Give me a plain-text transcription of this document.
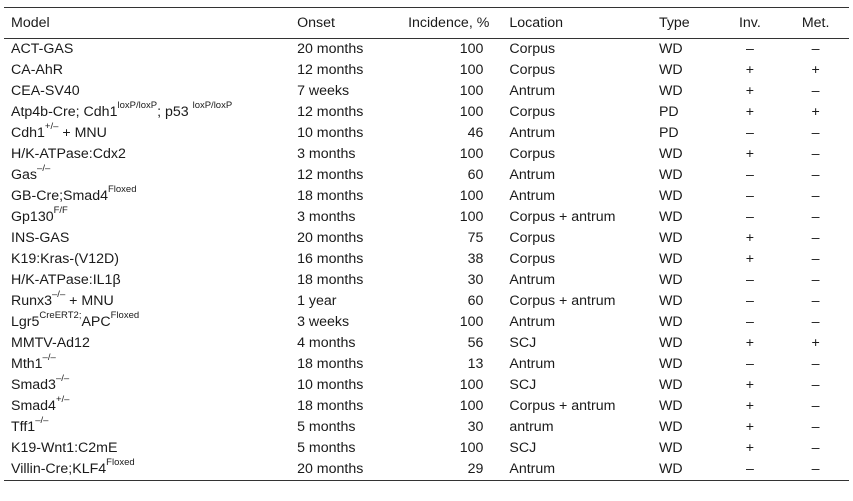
Model	Onset	Incidence, %	Location	Type	Inv.	Met.
ACT-GAS	20 months	100	Corpus	WD	–	–
CA-AhR	12 months	100	Corpus	WD	+	+
CEA-SV40	7 weeks	100	Antrum	WD	+	–
Atp4b-Cre; $Cdh1^{loxP/loxP}$; p53 $^{loxP/loxP}$	12 months	100	Corpus	PD	+	+
Cdh1+/– + MNU	10 months	46	Antrum	PD	–	–
H/K-ATPase:Cdx2	3 months	100	Corpus	WD	+	–
Gas–/–	12 months	60	Antrum	WD	–	–
$GB-Cre;Smad4^{Floxed}$	18 months	100	Antrum	WD	–	–
$Gp130^{F/F}$	3 months	100	Corpus + antrum	WD	–	–
INS-GAS	20 months	75	Corpus	WD	+	–
K19:Kras-(V12D)	16 months	38	Corpus	WD	+	–
H/K-ATPase:IL1β	18 months	30	Antrum	WD	–	–
Runx3–/– + MNU	1 year	60	Corpus + antrum	WD	–	–
$Lgr5^{CreERT2;}APC^{Floxed}$	3 weeks	100	Antrum	WD	–	–
MMTV-Ad12	4 months	56	SCJ	WD	+	+
Mth1–/–	18 months	13	Antrum	WD	–	–
Smad3–/–	10 months	100	SCJ	WD	+	–
Smad4+/–	18 months	100	Corpus + antrum	WD	+	–
Tff1–/–	5 months	30	antrum	WD	+	–
K19-Wnt1:C2mE	5 months	100	SCJ	WD	+	–
Villin-$Cre;KLF4^{Floxed}$	20 months	29	Antrum	WD	–	–
